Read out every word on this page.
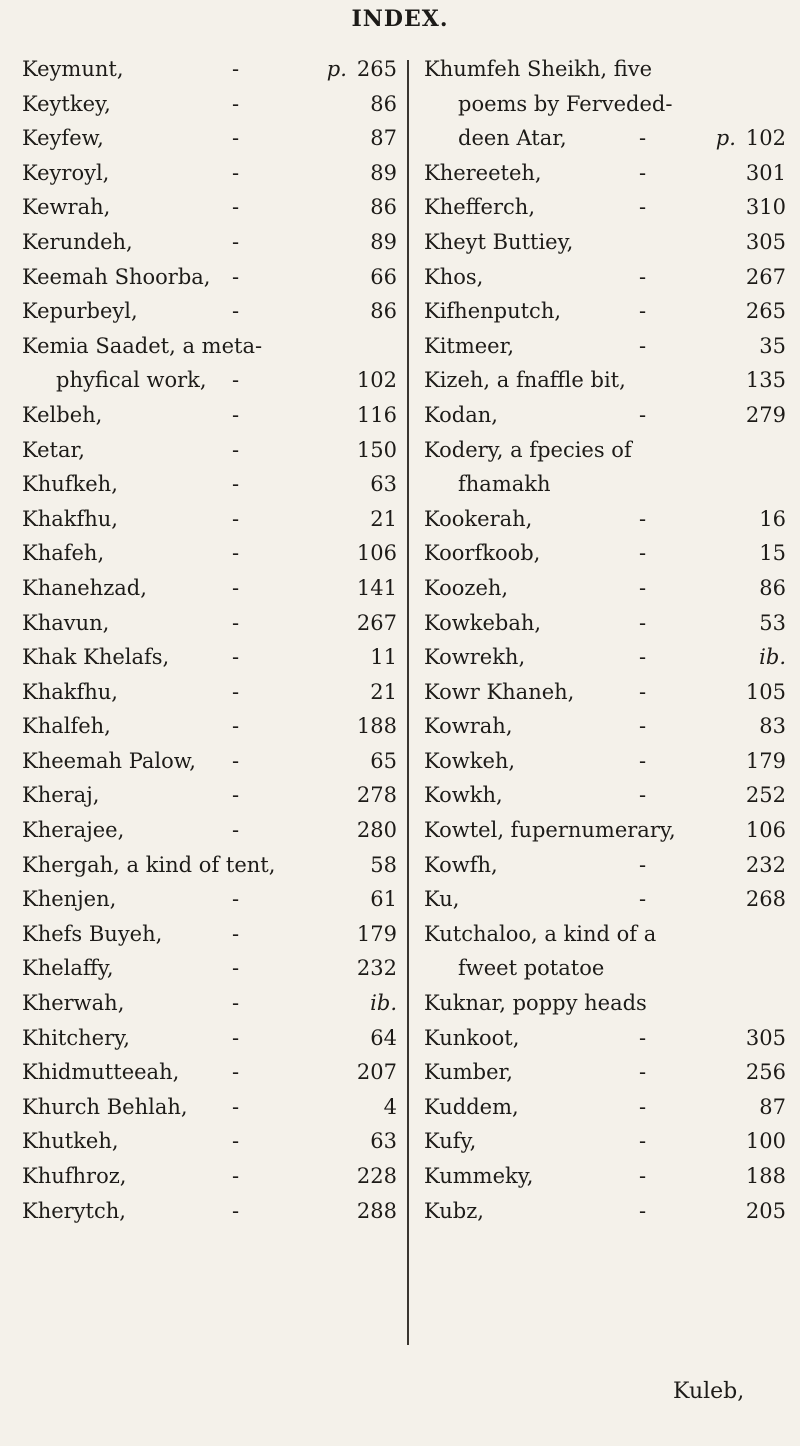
INDEX.
Keymunt,	-	p. 265
Keytkey,	-	86
Keyfew,	-	87
Keyroyl,	-	89
Kewrah,	-	86
Kerundeh,	-	89
Keemah Shoorba, -	66
Kepurbeyl,	-	86
Kemia Saadet, a meta-
phyfical work, -	102
Kelbeh,	-	116
Ketar,	-	150
Khufkeh,	-	63
Khakfhu,	-	21
Khafeh,	-	106
Khanehzad,	-	141
Khavun,	-	267
Khak Khelafs,	-	11
Khakfhu,	-	21
Khalfeh,	-	188
Kheemah Palow, -	65
Kheraj,	-	278
Kherajee,	-	280
Khergah, a kind of tent,	58
Khenjen,	-	61
Khefs Buyeh,	-	179
Khelaffy,	-	232
Kherwah,	-	ib.
Khitchery,	-	64
Khidmutteeah,	-	207
Khurch Behlah, -	4
Khutkeh,	-	63
Khufhroz,	-	228
Kherytch,	-	288
Khumfeh Sheikh, five
poems by Ferveded-
deen Atar,	-	p. 102
Khereeteh,	-	301
Khefferch,	-	310
Kheyt Buttiey,	305
Khos,	-	267
Kifhenputch,	-	265
Kitmeer,	-	35
Kizeh, a fnaffle bit,	135
Kodan,	-	279
Kodery, a fpecies of
fhamakh
Kookerah,	-	16
Koorfkoob,	-	15
Koozeh,	-	86
Kowkebah,	-	53
Kowrekh,	-	ib.
Kowr Khaneh,	-	105
Kowrah,	-	83
Kowkeh,	-	179
Kowkh,	-	252
Kowtel, fupernumerary,	106
Kowfh,	-	232
Ku,	-	268
Kutchaloo, a kind of a
fweet potatoe
Kuknar, poppy heads
Kunkoot,	-	305
Kumber,	-	256
Kuddem,	-	87
Kufy,	-	100
Kummeky,	-	188
Kubz,	-	205
Kuleb,
